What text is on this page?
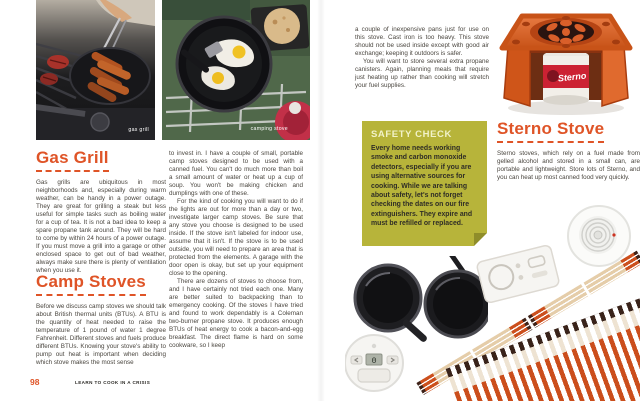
gas grill	camping stove
Gas Grill

Gas grills are ubiquitous in most neighborhoods and, especially during warm weather, can be handy in a power outage. They are great for grilling a steak but less useful for simple tasks such as boiling water for a cup of tea. It is not a bad idea to keep a spare propane tank around. They will be hard to come by within 24 hours of a power outage. If you must move a grill into a garage or other enclosed space to get out of bad weather, always make sure there is plenty of ventilation when you use it.

Camp Stoves

Before we discuss camp stoves we should talk about British thermal units (BTUs). A BTU is the quantity of heat needed to raise the temperature of 1 pound of water 1 degree Fahrenheit. Different stoves and fuels produce different BTUs. Knowing your stove's ability to pump out heat is important when deciding which stove makes the most sense

to invest in. I have a couple of small, portable camp stoves designed to be used with a canned fuel. You can't do much more than boil a small amount of water or heat up a cup of soup. You won't be making chicken and dumplings with one of these.

For the kind of cooking you will want to do if the lights are out for more than a day or two, investigate larger camp stoves. Be sure that any stove you choose is designed to be used inside. If the stove isn't labeled for indoor use, assume that it isn't. If the stove is to be used outside, you will need to prepare an area that is protected from the elements. A garage with the door open is okay, but set up your equipment close to the opening.

There are dozens of stoves to choose from, and I have certainly not tried each one. Many are better suited to backpacking than to emergency cooking. Of the stoves I have tried and found to work dependably is a Coleman two-burner propane stove. It produces enough BTUs of heat energy to cook a bacon-and-egg breakfast. The direct flame is hard on some cookware, so I keep

98	LEARN TO COOK IN A CRISIS

a couple of inexpensive pans just for use on this stove. Cast iron is too heavy. This stove should not be used inside except with good air exchange; keeping it outdoors is safer.

You will want to store several extra propane canisters. Again, planning meals that require just heating up rather than cooking will stretch your fuel supplies.

Sterno
SAFETY CHECK
Every home needs working smoke and carbon monoxide detectors, especially if you are using alternative sources for cooking. While we are talking about safety, let's not forget checking the dates on our fire extinguishers. They expire and must be refilled or replaced.
Sterno Stove

Sterno stoves, which rely on a fuel made from gelled alcohol and stored in a small can, are portable and lightweight. Store lots of Sterno, and you can heat up most canned food very quickly.

0
